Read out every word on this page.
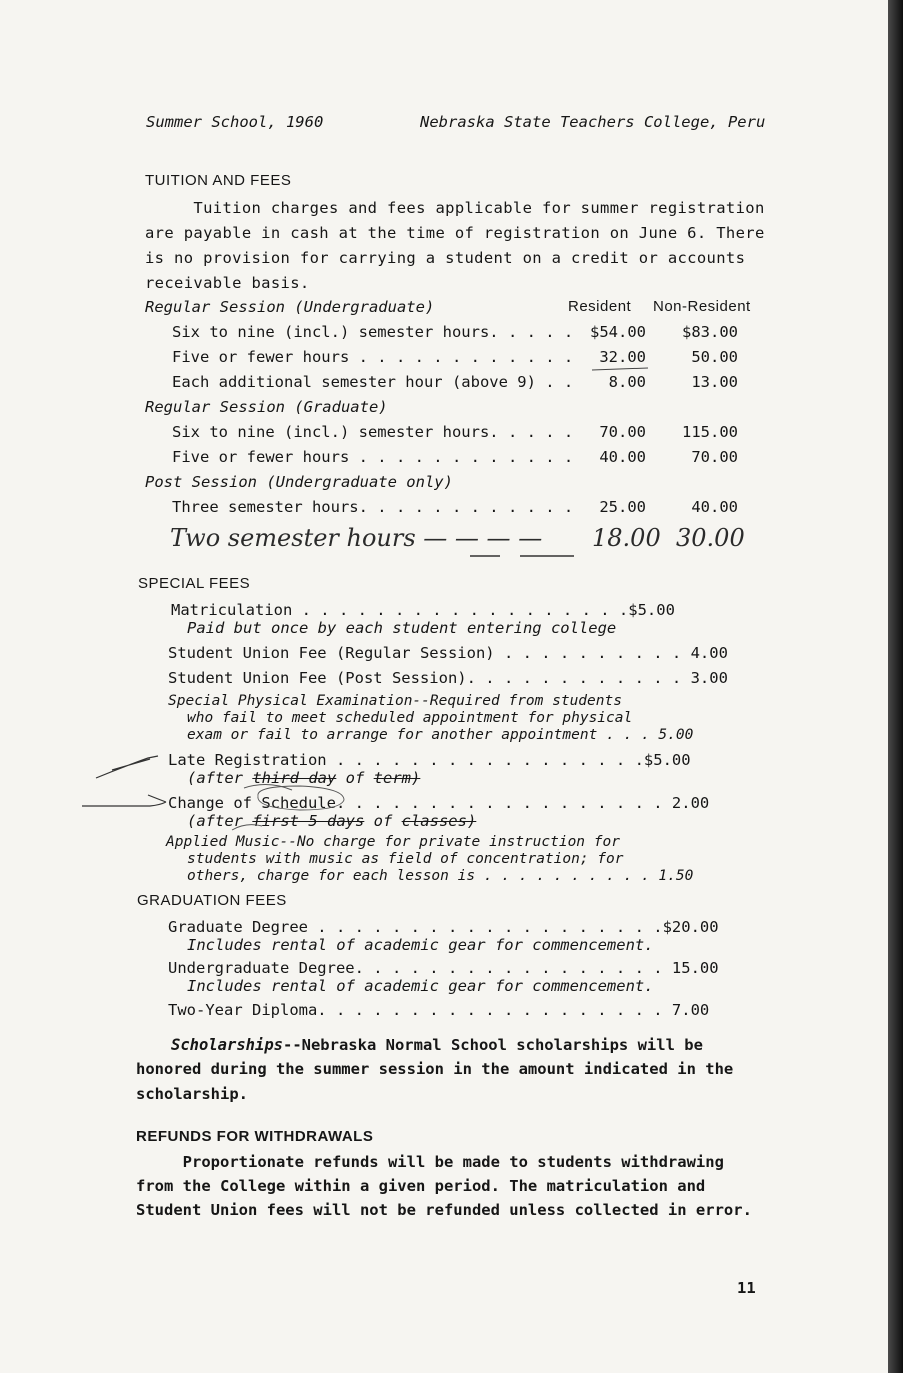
Summer School, 1960	Nebraska State Teachers College, Peru
TUITION AND FEES
Tuition charges and fees applicable for summer registration
are payable in cash at the time of registration on June 6. There
is no provision for carrying a student on a credit or accounts
receivable basis.
Regular Session (Undergraduate)	Resident Non-Resident
Six to nine (incl.) semester hours. . . . .	$54.00	$83.00
Five or fewer hours . . . . . . . . . . . .	32.00	50.00
Each additional semester hour (above 9) . .	8.00	13.00
Regular Session (Graduate)
Six to nine (incl.) semester hours. . . . .	70.00	115.00
Five or fewer hours . . . . . . . . . . . .	40.00	70.00
Post Session (Undergraduate only)
Three semester hours. . . . . . . . . . . .	25.00	40.00
Two semester hours — — — — 18.00 30.00
SPECIAL FEES
Matriculation . . . . . . . . . . . . . . . . . .$5.00
Paid but once by each student entering college
Student Union Fee (Regular Session) . . . . . . . . . . 4.00
Student Union Fee (Post Session). . . . . . . . . . . . 3.00
Special Physical Examination--Required from students
who fail to meet scheduled appointment for physical
exam or fail to arrange for another appointment . . . 5.00
Late Registration . . . . . . . . . . . . . . . . .$5.00
(after third day of term)
Change of Schedule. . . . . . . . . . . . . . . . . . 2.00
(after first 5 days of classes)
Applied Music--No charge for private instruction for
students with music as field of concentration; for
others, charge for each lesson is . . . . . . . . . . 1.50
GRADUATION FEES
Graduate Degree . . . . . . . . . . . . . . . . . . .$20.00
Includes rental of academic gear for commencement.
Undergraduate Degree. . . . . . . . . . . . . . . . . 15.00
Includes rental of academic gear for commencement.
Two-Year Diploma. . . . . . . . . . . . . . . . . . . 7.00
Scholarships--Nebraska Normal School scholarships will be
honored during the summer session in the amount indicated in the
scholarship.
REFUNDS FOR WITHDRAWALS
Proportionate refunds will be made to students withdrawing
from the College within a given period. The matriculation and
Student Union fees will not be refunded unless collected in error.
11
